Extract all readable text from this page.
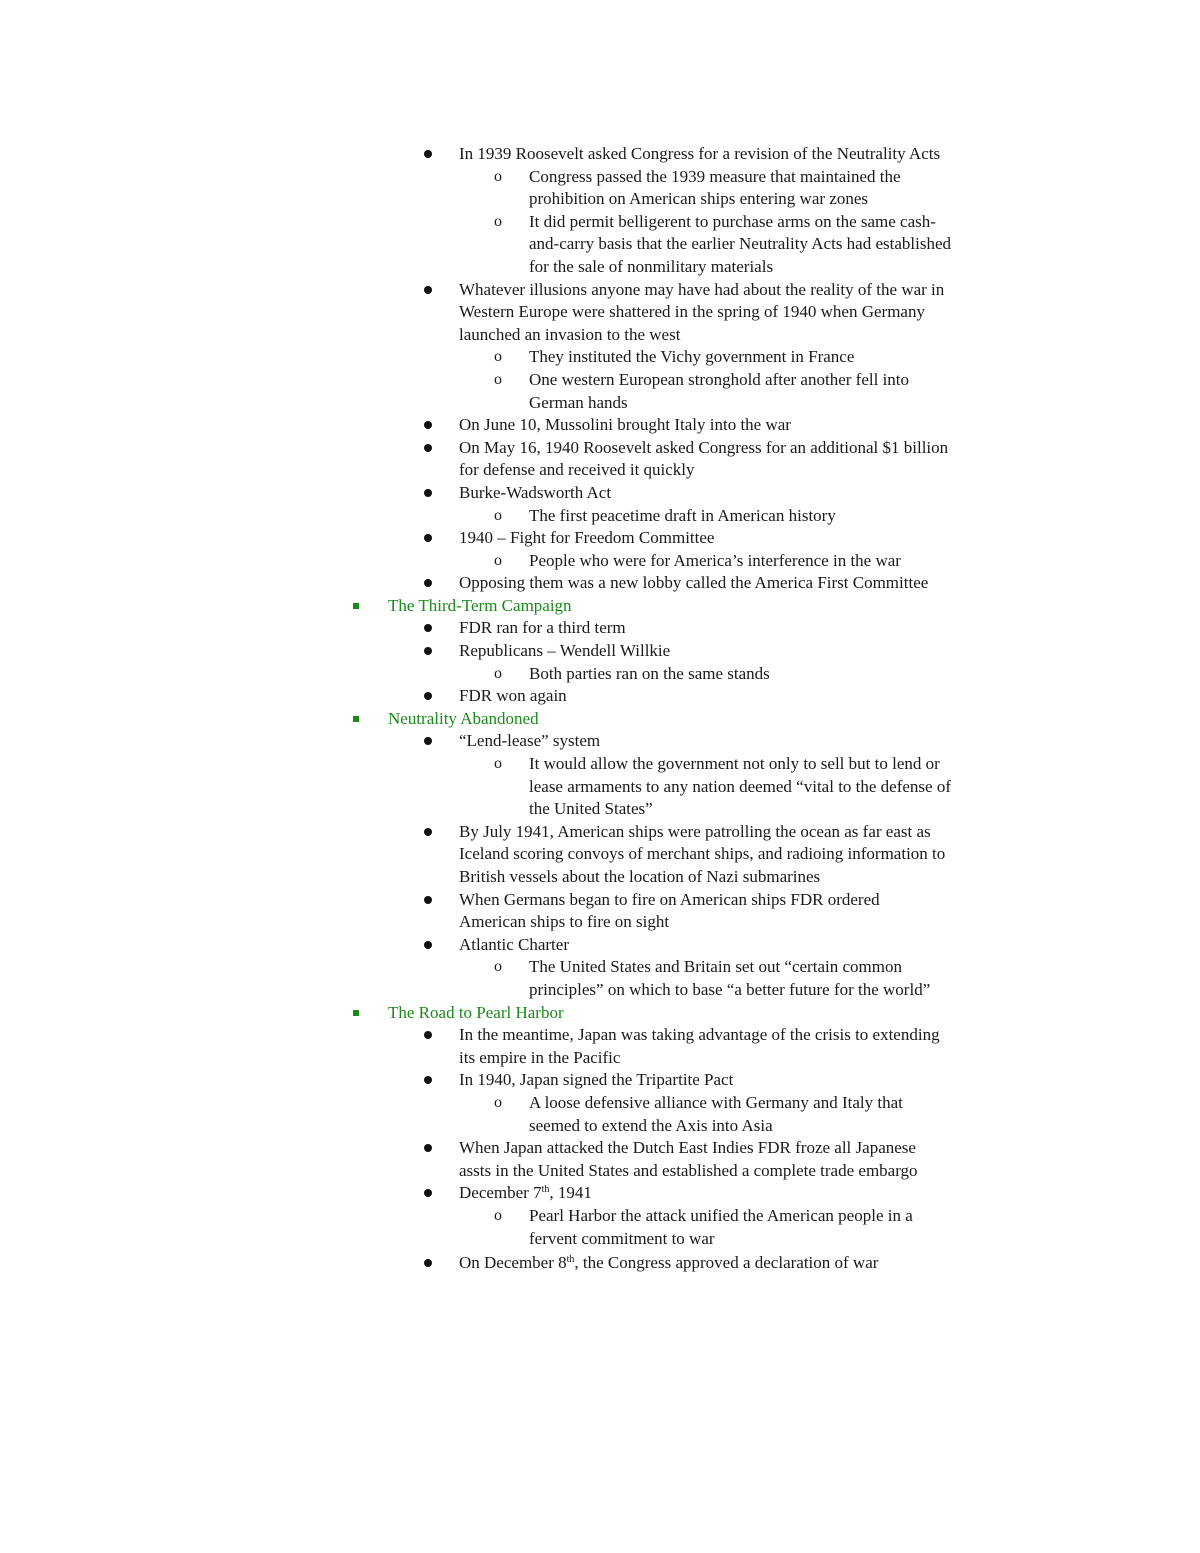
In 1939 Roosevelt asked Congress for a revision of the Neutrality Acts
o Congress passed the 1939 measure that maintained the
prohibition on American ships entering war zones
o It did permit belligerent to purchase arms on the same cash-
and-carry basis that the earlier Neutrality Acts had established
for the sale of nonmilitary materials
Whatever illusions anyone may have had about the reality of the war in
Western Europe were shattered in the spring of 1940 when Germany
launched an invasion to the west
o They instituted the Vichy government in France
o One western European stronghold after another fell into
German hands
On June 10, Mussolini brought Italy into the war
On May 16, 1940 Roosevelt asked Congress for an additional $1 billion
for defense and received it quickly
Burke-Wadsworth Act
o The first peacetime draft in American history
1940 – Fight for Freedom Committee
o People who were for America’s interference in the war
Opposing them was a new lobby called the America First Committee
The Third-Term Campaign
FDR ran for a third term
Republicans – Wendell Willkie
o Both parties ran on the same stands
FDR won again
Neutrality Abandoned
“Lend-lease” system
o It would allow the government not only to sell but to lend or
lease armaments to any nation deemed “vital to the defense of
the United States”
By July 1941, American ships were patrolling the ocean as far east as
Iceland scoring convoys of merchant ships, and radioing information to
British vessels about the location of Nazi submarines
When Germans began to fire on American ships FDR ordered
American ships to fire on sight
Atlantic Charter
o The United States and Britain set out “certain common
principles” on which to base “a better future for the world”
The Road to Pearl Harbor
In the meantime, Japan was taking advantage of the crisis to extending
its empire in the Pacific
In 1940, Japan signed the Tripartite Pact
o A loose defensive alliance with Germany and Italy that
seemed to extend the Axis into Asia
When Japan attacked the Dutch East Indies FDR froze all Japanese
assts in the United States and established a complete trade embargo
December 7th, 1941
o Pearl Harbor the attack unified the American people in a
fervent commitment to war
On December 8th, the Congress approved a declaration of war
